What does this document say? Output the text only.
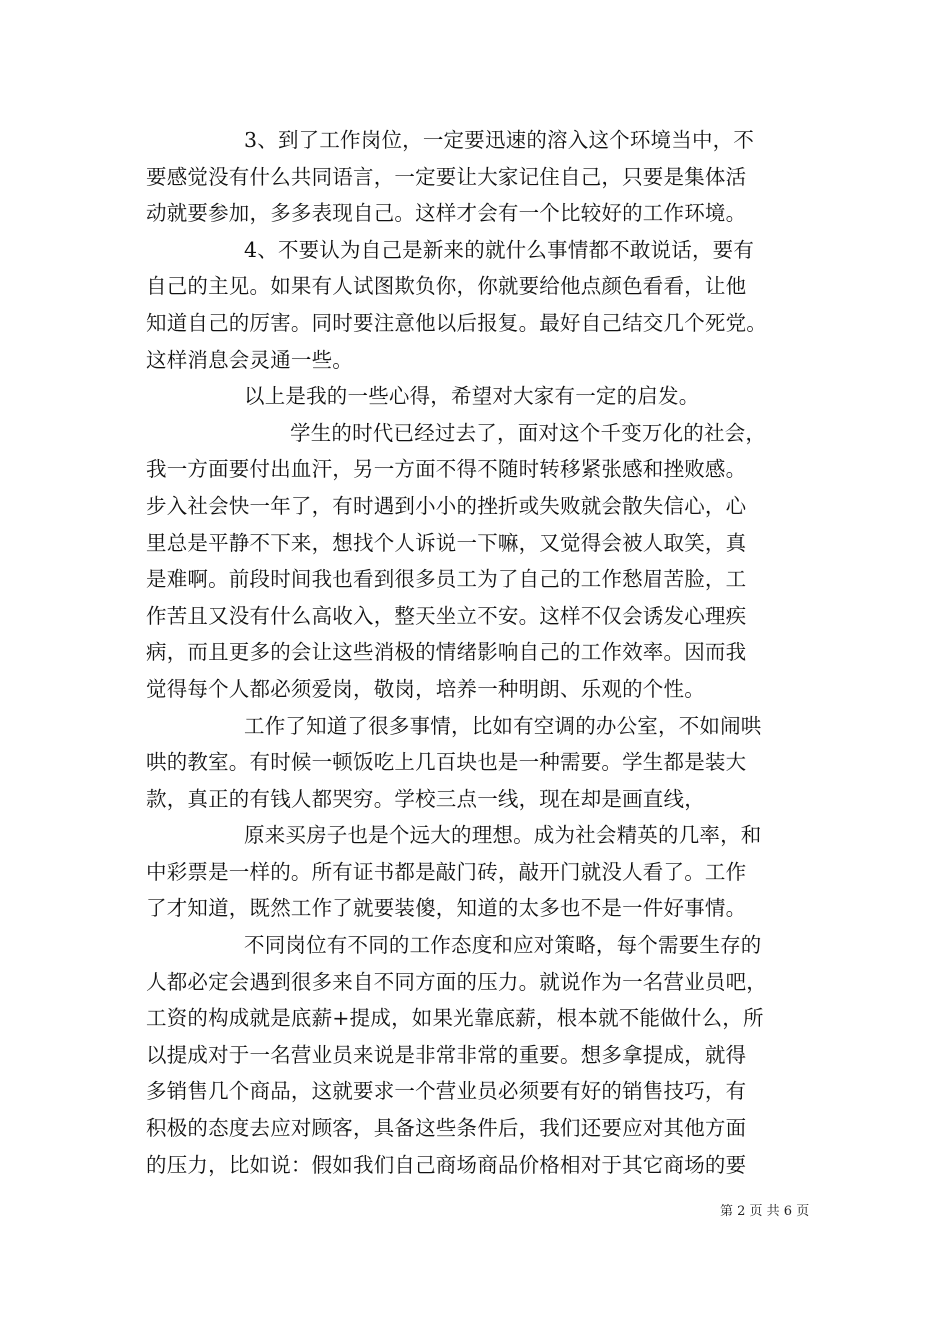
3、到了工作岗位，一定要迅速的溶入这个环境当中，不
要感觉没有什么共同语言，一定要让大家记住自己，只要是集体活
动就要参加，多多表现自己。这样才会有一个比较好的工作环境。
4、不要认为自己是新来的就什么事情都不敢说话，要有
自己的主见。如果有人试图欺负你，你就要给他点颜色看看，让他
知道自己的厉害。同时要注意他以后报复。最好自己结交几个死党。
这样消息会灵通一些。
以上是我的一些心得，希望对大家有一定的启发。
学生的时代已经过去了，面对这个千变万化的社会，
我一方面要付出血汗，另一方面不得不随时转移紧张感和挫败感。
步入社会快一年了，有时遇到小小的挫折或失败就会散失信心，心
里总是平静不下来，想找个人诉说一下嘛，又觉得会被人取笑，真
是难啊。前段时间我也看到很多员工为了自己的工作愁眉苦脸，工
作苦且又没有什么高收入，整天坐立不安。这样不仅会诱发心理疾
病，而且更多的会让这些消极的情绪影响自己的工作效率。因而我
觉得每个人都必须爱岗，敬岗，培养一种明朗、乐观的个性。
工作了知道了很多事情，比如有空调的办公室，不如闹哄
哄的教室。有时候一顿饭吃上几百块也是一种需要。学生都是装大
款，真正的有钱人都哭穷。学校三点一线，现在却是画直线，
原来买房子也是个远大的理想。成为社会精英的几率，和
中彩票是一样的。所有证书都是敲门砖，敲开门就没人看了。工作
了才知道，既然工作了就要装傻，知道的太多也不是一件好事情。
不同岗位有不同的工作态度和应对策略，每个需要生存的
人都必定会遇到很多来自不同方面的压力。就说作为一名营业员吧，
工资的构成就是底薪+提成，如果光靠底薪，根本就不能做什么，所
以提成对于一名营业员来说是非常非常的重要。想多拿提成，就得
多销售几个商品，这就要求一个营业员必须要有好的销售技巧，有
积极的态度去应对顾客，具备这些条件后，我们还要应对其他方面
的压力，比如说：假如我们自己商场商品价格相对于其它商场的要
第 2 页 共 6 页
